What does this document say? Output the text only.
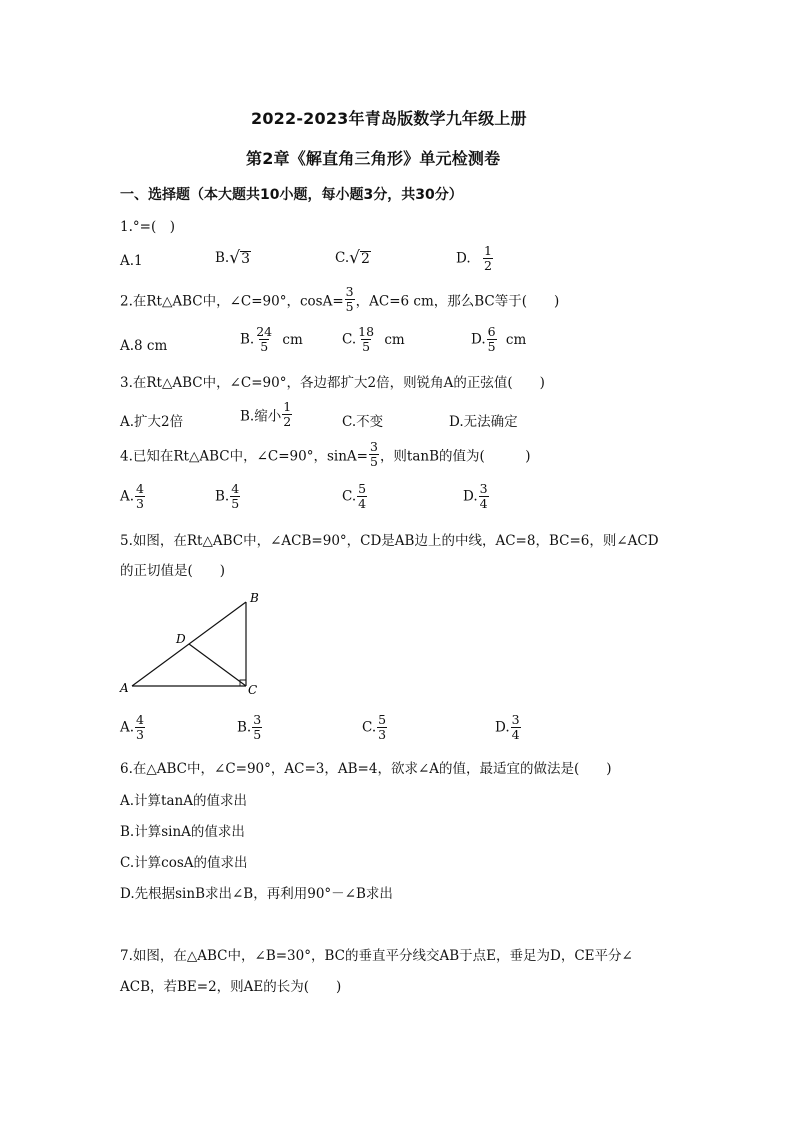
2022-2023年青岛版数学九年级上册
第2章《解直角三角形》单元检测卷
一、选择题（本大题共10小题，每小题3分，共30分）
1.°=(　)
A.1	B. √ 3	C. √ 2	D. $\frac{1}{2}$
2.在Rt△ABC中，∠C=90°，$\cos A= \frac{3}{5}$ ，AC=6 cm，那么BC等于(　　)
A.8 cm	B. $\frac{24}{5}$ cm	C. $\frac{18}{5}$ cm	D. $\frac{6}{5}$ cm
3.在Rt△ABC中，∠C=90°，各边都扩大2倍，则锐角A的正弦值(　　)
A.扩大2倍	B.缩小 $\frac{1}{2}$	C.不变	D.无法确定
4.已知在Rt△ABC中，∠C=90°，$\sin A= \frac{3}{5}$ ，则tanB的值为(　　　)
A. $\frac{4}{3}$	B. $\frac{4}{5}$	C. $\frac{5}{4}$	D. $\frac{3}{4}$
5.如图，在Rt△ABC中，∠ACB=90°，CD是AB边上的中线，AC=8，BC=6，则∠ACD
的正切值是(　　)
B
D
A	C
A. $\frac{4}{3}$	B. $\frac{3}{5}$	C. $\frac{5}{3}$	D. $\frac{3}{4}$
6.在△ABC中，∠C=90°，AC=3，AB=4，欲求∠A的值，最适宜的做法是(　　)
A.计算tanA的值求出
B.计算sinA的值求出
C.计算cosA的值求出
D.先根据sinB求出∠B，再利用90°－∠B求出
7.如图，在△ABC中，∠B=30°，BC的垂直平分线交AB于点E，垂足为D，CE平分∠
ACB，若BE=2，则AE的长为(　　)
